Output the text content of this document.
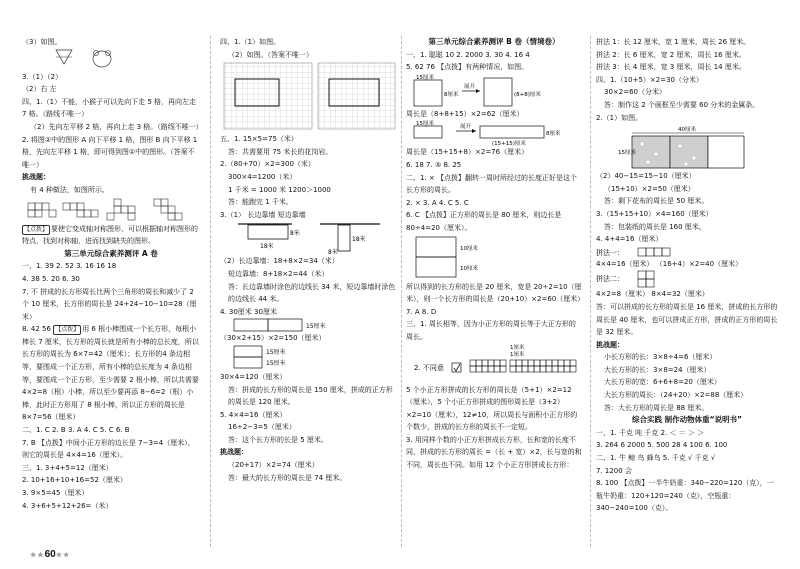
（3）如图。
3.（1）（2）
（2）右 左
四、1.（1）不能，小猴子可以先向下走 5 格，再向左走 7 格。（路线不唯一）
（2）先向左平移 2 格，再向上走 3 格。（路线不唯一）
2. 将图②中的图形 A 向下平移 1 格，图形 B 向下平移 1 格，先向左平移 1 格，即可得到图①中的图形。（答案不唯一）
挑战题：
有 4 种做法，如图所示。
【点拨】 要使它变成轴对称图形，可以根据轴对称图形的特点，找到对称轴，进而找到缺失的图形。
第三单元综合素养测评 A 卷
一、1. 39 2. 52 3. 16 16 18
4. 38 5. 20 6. 30
7. 不 拼成的长方形周长比两个三角形的周长和减少了 2 个 10 厘米，长方形的周长是 24+24−10−10=28（厘米）
8. 42 56 【点拨】 用 6 根小棒围成一个长方形，每根小棒长 7 厘米，长方形的周长就是所有小棒的总长度，所以长方形的周长为 6×7=42（厘米）；长方形的4 条边相等，要围成一个正方形，所有小棒的总长度为 4 条边相等，要围成一个正方形，至少需要 2 根小棒，所以共需要 4×2=8（根）小棒，所以至少要再添 8−6=2（根）小棒，此时正方形用了 8 根小棒，所以正方形的周长是 8×7=56（厘米）
二、1. C 2. B 3. A 4. C 5. C 6. B
7. B 【点拨】中间小正方形的边长是 7−3=4（厘米），则它的周长是 4×4=16（厘米）。
三、1. 3+4+5=12（厘米）
2. 10+16+10+16=52（厘米）
3. 9×5=45（厘米）
4. 3+6+5+12+26=（米）
四、1.（1）如图。
（2）如图。（答案不唯一）
五、1. 15×5=75（米）
答：共需要用 75 米长的花岗岩。
2.（80+70）×2=300（米）
300×4=1200（米）
1 千米 = 1000 米 1200＞1000
答：能跑完 1 千米。
3.（1） 长边靠墙 短边靠墙
8米
18米
8米
18米
（2）长边靠墙：18+8×2=34（米）
短边靠墙：8+18×2=44（米）
答：长边靠墙时涂色的边线长 34 米，短边靠墙时涂色的边线长 44 米。
4. 30厘米 30厘米
15厘米
（30×2+15）×2=150（厘米）
15厘米
15厘米
30×4=120（厘米）
答：拼成的长方形的周长是 150 厘米，拼成的正方形的周长是 120 厘米。
5. 4×4=16（厘米）
16÷2−3=5（厘米）
答：这个长方形的长是 5 厘米。
挑战题：
（20+17）×2=74（厘米）
答：最大的长方形的周长是 74 厘米。
第三单元综合素养测评 B 卷（情境卷）
一、1. 聪聪 10 2. 2000 3. 30 4. 16 4
5. 62 76 【点拨】有两种情况，如图。
15厘米
8厘米
展开
(8+8)厘米
周长是（8+8+15）×2=62（厘米）
15厘米	展开
(15+15)厘米
8厘米
周长是（15+15+8）×2=76（厘米）
6. 18 7. ⑤ 8. 25
二、1. × 【点拨】翻转一周时所经过的长度正好是这个长方形的周长。
2. × 3. A 4. C 5. C
6. C 【点拨】正方形的周长是 80 厘米，则边长是 80÷4=20（厘米）。
10厘米
10厘米
所以得到的长方形的长是 20 厘米，宽是 20÷2=10（厘米），则一个长方形的周长是（20+10）×2=60（厘米）
7. A 8. D
三、1. 周长相等，因为小正方形的周长等于大正方形的周长。
2. 不同意
1厘米
1厘米
5 个小正方形拼成的长方形的周长是（5+1）×2=12（厘米），5 个小正方形拼成的图形周长是（3+2）×2=10（厘米），12≠10，所以周长与面积小正方形的个数少，拼成的长方形的周长不一定短。
3. 用同样个数的小正方形拼成长方形，长和宽的长度不同，拼成的长方形的周长 =（长 + 宽）×2，长与宽的和不同，周长也不同。如用 12 个小正方形拼成长方形：
拼法 1：长 12 厘米，宽 1 厘米，周长 26 厘米。
拼法 2：长 6 厘米，宽 2 厘米，周长 16 厘米。
拼法 3：长 4 厘米，宽 3 厘米，周长 14 厘米。
四、1.（10+5）×2=30（分米）
30×2=60（分米）
答：制作这 2 个画框至少需要 60 分米的金属条。
2.（1）如图。
40厘米
15厘米
（2）40−15=15−10（厘米）
（15+10）×2=50（厘米）
答：剩下花布的周长是 50 厘米。
3.（15+15+10）×4=160（厘米）
答：包装纸的周长是 160 厘米。
4. 4+4=16（厘米）
拼法一：
4×4=16（厘米） （16+4）×2=40（厘米）
拼法二：
4×2=8（厘米） 8×4=32（厘米）
答：可以拼成的长方形的周长是 16 厘米，拼成的长方形的周长是 40 厘米，也可以拼成正方形，拼成的正方形的周长是 32 厘米。
挑战题：
小长方形的长：3×8÷4=6（厘米）
大长方形的长：3×8=24（厘米）
大长方形的宽：6+6+8=20（厘米）
大长方形的周长：（24+20）×2=88（厘米）
答：大长方形的周长是 88 厘米。
综合实践 制作动物体重“说明书”
一、1. 千克 吨 千克 2. ＜ ＝ ＞ ＞
3. 264 6 2000 5. 500 28 4 100 6. 100
二、1. 牛 鲸 鸟 蜂鸟 5. 千克 √ 千克 √
7. 1200 会
8. 100 【点拨】一半牛奶重：340−220=120（克），一瓶牛奶重：120+120=240（克），空瓶重：340−240=100（克）。
★★60★★
